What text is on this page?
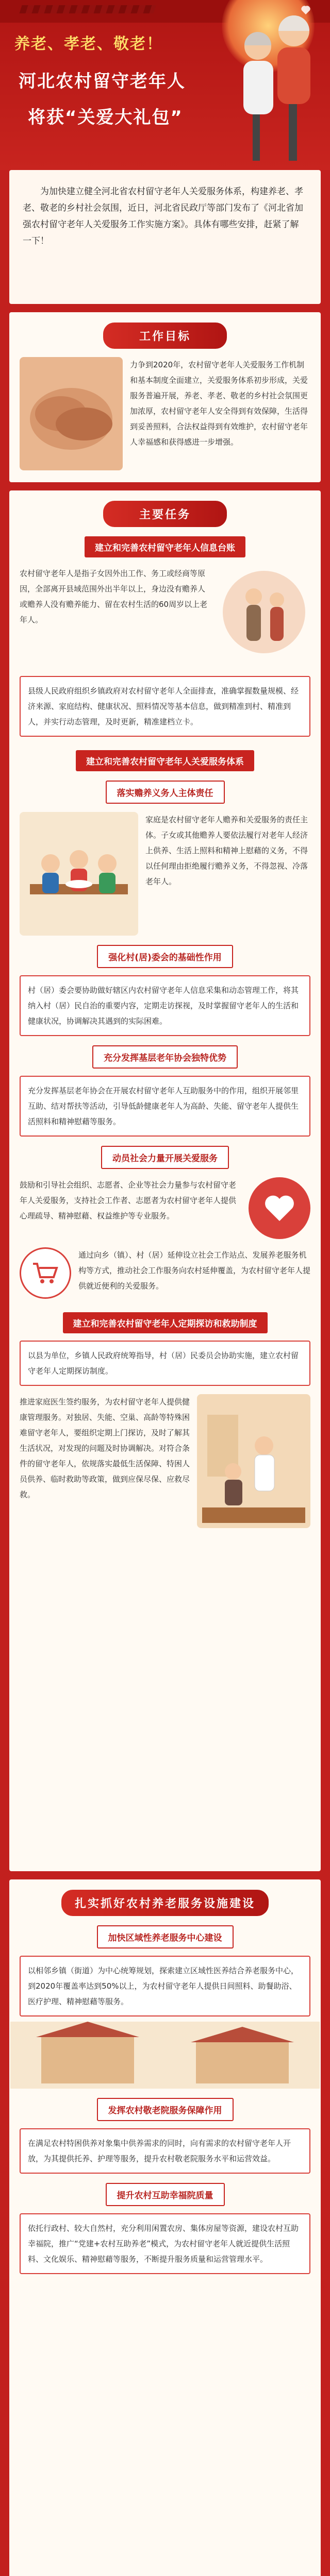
养老、孝老、敬老！
河北农村留守老年人
将获“关爱大礼包”

为加快建立健全河北省农村留守老年人关爱服务体系，构建养老、孝老、敬老的乡村社会氛围，近日，河北省民政厅等部门发布了《河北省加强农村留守老年人关爱服务工作实施方案》。具体有哪些安排，赶紧了解一下！

工作目标
力争到2020年，农村留守老年人关爱服务工作机制和基本制度全面建立，关爱服务体系初步形成，关爱服务普遍开展，养老、孝老、敬老的乡村社会氛围更加浓厚，农村留守老年人安全得到有效保障，生活得到妥善照料，合法权益得到有效维护，农村留守老年人幸福感和获得感进一步增强。
主要任务
建立和完善农村留守老年人信息台账
农村留守老年人是指子女因外出工作、务工或经商等原因，全部离开县域范围外出半年以上，身边没有赡养人或赡养人没有赡养能力、留在农村生活的60周岁以上老年人。
县级人民政府组织乡镇政府对农村留守老年人全面排查，准确掌握数量规模、经济来源、家庭结构、健康状况、照料情况等基本信息，做到精准到村、精准到人，并实行动态管理，及时更新，精准建档立卡。
建立和完善农村留守老年人关爱服务体系
落实赡养义务人主体责任
家庭是农村留守老年人赡养和关爱服务的责任主体。子女或其他赡养人要依法履行对老年人经济上供养、生活上照料和精神上慰藉的义务，不得以任何理由拒绝履行赡养义务，不得忽视、冷落老年人。
强化村(居)委会的基础性作用
村（居）委会要协助做好辖区内农村留守老年人信息采集和动态管理工作，将其纳入村（居）民自治的重要内容，定期走访探视，及时掌握留守老年人的生活和健康状况，协调解决其遇到的实际困难。
充分发挥基层老年协会独特优势
充分发挥基层老年协会在开展农村留守老年人互助服务中的作用，组织开展邻里互助、结对帮扶等活动，引导低龄健康老年人为高龄、失能、留守老年人提供生活照料和精神慰藉等服务。
动员社会力量开展关爱服务
鼓励和引导社会组织、志愿者、企业等社会力量参与农村留守老年人关爱服务，支持社会工作者、志愿者为农村留守老年人提供心理疏导、精神慰藉、权益维护等专业服务。
通过向乡（镇）、村（居）延伸设立社会工作站点、发展养老服务机构等方式，推动社会工作服务向农村延伸覆盖，为农村留守老年人提供就近便利的关爱服务。
建立和完善农村留守老年人定期探访和救助制度
以县为单位，乡镇人民政府统筹指导，村（居）民委员会协助实施，建立农村留守老年人定期探访制度。
推进家庭医生签约服务，为农村留守老年人提供健康管理服务。对独居、失能、空巢、高龄等特殊困难留守老年人，要组织定期上门探访，及时了解其生活状况，对发现的问题及时协调解决。对符合条件的留守老年人，依规落实最低生活保障、特困人员供养、临时救助等政策，做到应保尽保、应救尽救。
扎实抓好农村养老服务设施建设
加快区域性养老服务中心建设
以相邻乡镇（街道）为中心统筹规划，探索建立区域性医养结合养老服务中心，到2020年覆盖率达到50%以上，为农村留守老年人提供日间照料、助餐助浴、医疗护理、精神慰藉等服务。
发挥农村敬老院服务保障作用
在满足农村特困供养对象集中供养需求的同时，向有需求的农村留守老年人开放，为其提供托养、护理等服务，提升农村敬老院服务水平和运营效益。
提升农村互助幸福院质量
依托行政村、较大自然村，充分利用闲置农房、集体房屋等资源，建设农村互助幸福院，推广“党建+农村互助养老”模式，为农村留守老年人就近提供生活照料、文化娱乐、精神慰藉等服务，不断提升服务质量和运营管理水平。
